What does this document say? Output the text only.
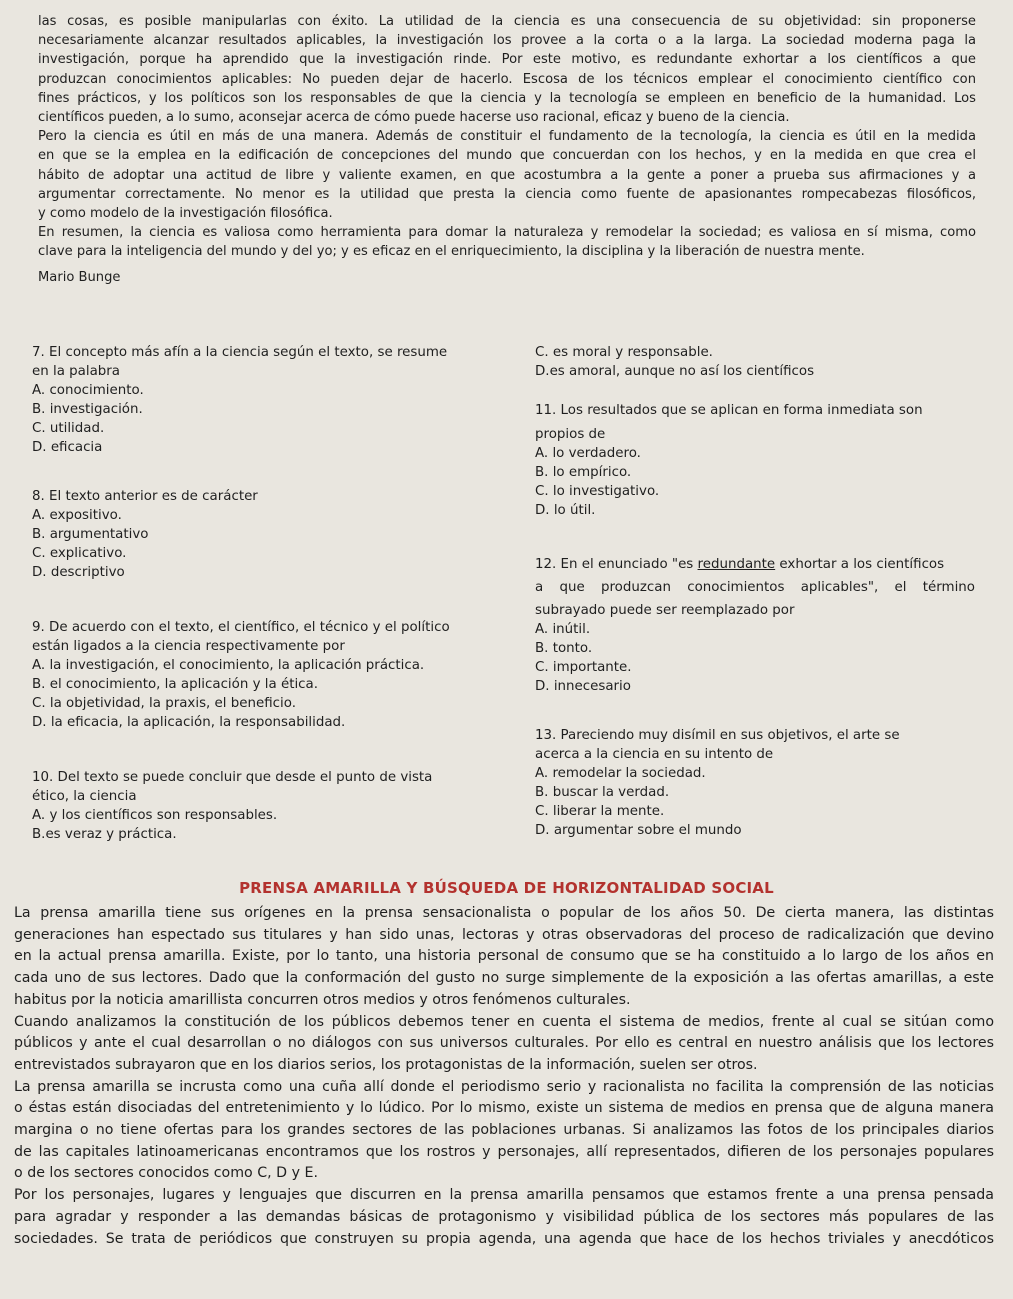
las cosas, es posible manipularlas con éxito. La utilidad de la ciencia es una consecuencia de su objetividad: sin proponerse
necesariamente alcanzar resultados aplicables, la investigación los provee a la corta o a la larga. La sociedad moderna paga la
investigación, porque ha aprendido que la investigación rinde. Por este motivo, es redundante exhortar a los científicos a que
produzcan conocimientos aplicables: No pueden dejar de hacerlo. Escosa de los técnicos emplear el conocimiento científico con
fines prácticos, y los políticos son los responsables de que la ciencia y la tecnología se empleen en beneficio de la humanidad. Los
científicos pueden, a lo sumo, aconsejar acerca de cómo puede hacerse uso racional, eficaz y bueno de la ciencia.
Pero la ciencia es útil en más de una manera. Además de constituir el fundamento de la tecnología, la ciencia es útil en la medida
en que se la emplea en la edificación de concepciones del mundo que concuerdan con los hechos, y en la medida en que crea el
hábito de adoptar una actitud de libre y valiente examen, en que acostumbra a la gente a poner a prueba sus afirmaciones y a
argumentar correctamente. No menor es la utilidad que presta la ciencia como fuente de apasionantes rompecabezas filosóficos,
y como modelo de la investigación filosófica.
En resumen, la ciencia es valiosa como herramienta para domar la naturaleza y remodelar la sociedad; es valiosa en sí misma, como
clave para la inteligencia del mundo y del yo; y es eficaz en el enriquecimiento, la disciplina y la liberación de nuestra mente.
Mario Bunge
7. El concepto más afín a la ciencia según el texto, se resume
en la palabra
A. conocimiento.
B. investigación.
C. utilidad.
D. eficacia
8. El texto anterior es de carácter
A. expositivo.
B. argumentativo
C. explicativo.
D. descriptivo
9. De acuerdo con el texto, el científico, el técnico y el político
están ligados a la ciencia respectivamente por
A. la investigación, el conocimiento, la aplicación práctica.
B. el conocimiento, la aplicación y la ética.
C. la objetividad, la praxis, el beneficio.
D. la eficacia, la aplicación, la responsabilidad.
10. Del texto se puede concluir que desde el punto de vista
ético, la ciencia
A. y los científicos son responsables.
B.es veraz y práctica.
C. es moral y responsable.
D.es amoral, aunque no así los científicos
11. Los resultados que se aplican en forma inmediata son
propios de
A. lo verdadero.
B. lo empírico.
C. lo investigativo.
D. lo útil.
12. En el enunciado "es redundante exhortar a los científicos
a que produzcan conocimientos aplicables", el término
subrayado puede ser reemplazado por
A. inútil.
B. tonto.
C. importante.
D. innecesario
13. Pareciendo muy disímil en sus objetivos, el arte se
acerca a la ciencia en su intento de
A. remodelar la sociedad.
B. buscar la verdad.
C. liberar la mente.
D. argumentar sobre el mundo
PRENSA AMARILLA Y BÚSQUEDA DE HORIZONTALIDAD SOCIAL
La prensa amarilla tiene sus orígenes en la prensa sensacionalista o popular de los años 50. De cierta manera, las distintas
generaciones han espectado sus titulares y han sido unas, lectoras y otras observadoras del proceso de radicalización que devino
en la actual prensa amarilla. Existe, por lo tanto, una historia personal de consumo que se ha constituido a lo largo de los años en
cada uno de sus lectores. Dado que la conformación del gusto no surge simplemente de la exposición a las ofertas amarillas, a este
habitus por la noticia amarillista concurren otros medios y otros fenómenos culturales.
Cuando analizamos la constitución de los públicos debemos tener en cuenta el sistema de medios, frente al cual se sitúan como
públicos y ante el cual desarrollan o no diálogos con sus universos culturales. Por ello es central en nuestro análisis que los lectores
entrevistados subrayaron que en los diarios serios, los protagonistas de la información, suelen ser otros.
La prensa amarilla se incrusta como una cuña allí donde el periodismo serio y racionalista no facilita la comprensión de las noticias
o éstas están disociadas del entretenimiento y lo lúdico. Por lo mismo, existe un sistema de medios en prensa que de alguna manera
margina o no tiene ofertas para los grandes sectores de las poblaciones urbanas. Si analizamos las fotos de los principales diarios
de las capitales latinoamericanas encontramos que los rostros y personajes, allí representados, difieren de los personajes populares
o de los sectores conocidos como C, D y E.
Por los personajes, lugares y lenguajes que discurren en la prensa amarilla pensamos que estamos frente a una prensa pensada
para agradar y responder a las demandas básicas de protagonismo y visibilidad pública de los sectores más populares de las
sociedades. Se trata de periódicos que construyen su propia agenda, una agenda que hace de los hechos triviales y anecdóticos
